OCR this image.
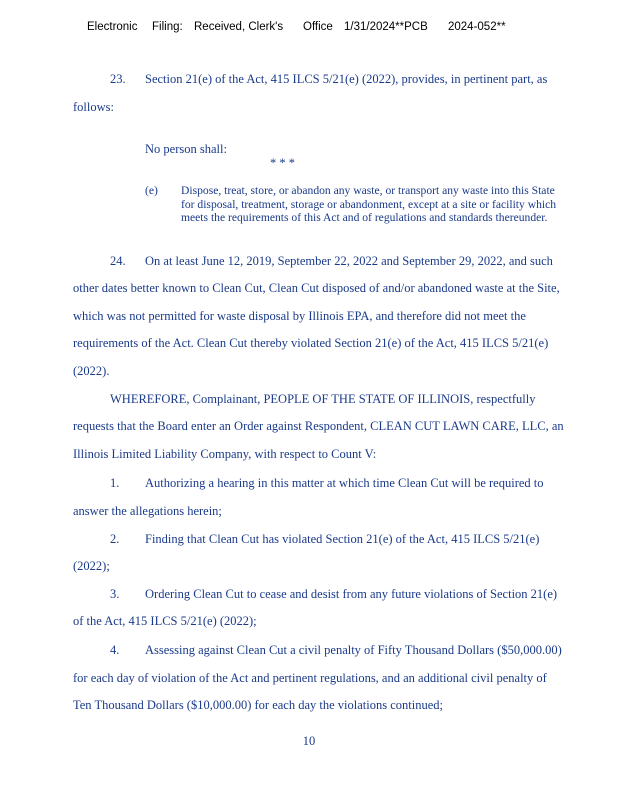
Electronic Filing: Received, Clerk's Office 1/31/2024**PCB 2024-052**
23. Section 21(e) of the Act, 415 ILCS 5/21(e) (2022), provides, in pertinent part, as
follows:
No person shall:
* * *
(e) Dispose, treat, store, or abandon any waste, or transport any waste into this State for disposal, treatment, storage or abandonment, except at a site or facility which meets the requirements of this Act and of regulations and standards thereunder.
24. On at least June 12, 2019, September 22, 2022 and September 29, 2022, and such
other dates better known to Clean Cut, Clean Cut disposed of and/or abandoned waste at the Site,
which was not permitted for waste disposal by Illinois EPA, and therefore did not meet the
requirements of the Act. Clean Cut thereby violated Section 21(e) of the Act, 415 ILCS 5/21(e)
(2022).
WHEREFORE, Complainant, PEOPLE OF THE STATE OF ILLINOIS, respectfully
requests that the Board enter an Order against Respondent, CLEAN CUT LAWN CARE, LLC, an
Illinois Limited Liability Company, with respect to Count V:
1. Authorizing a hearing in this matter at which time Clean Cut will be required to
answer the allegations herein;
2. Finding that Clean Cut has violated Section 21(e) of the Act, 415 ILCS 5/21(e)
(2022);
3. Ordering Clean Cut to cease and desist from any future violations of Section 21(e)
of the Act, 415 ILCS 5/21(e) (2022);
4. Assessing against Clean Cut a civil penalty of Fifty Thousand Dollars ($50,000.00)
for each day of violation of the Act and pertinent regulations, and an additional civil penalty of
Ten Thousand Dollars ($10,000.00) for each day the violations continued;
10
